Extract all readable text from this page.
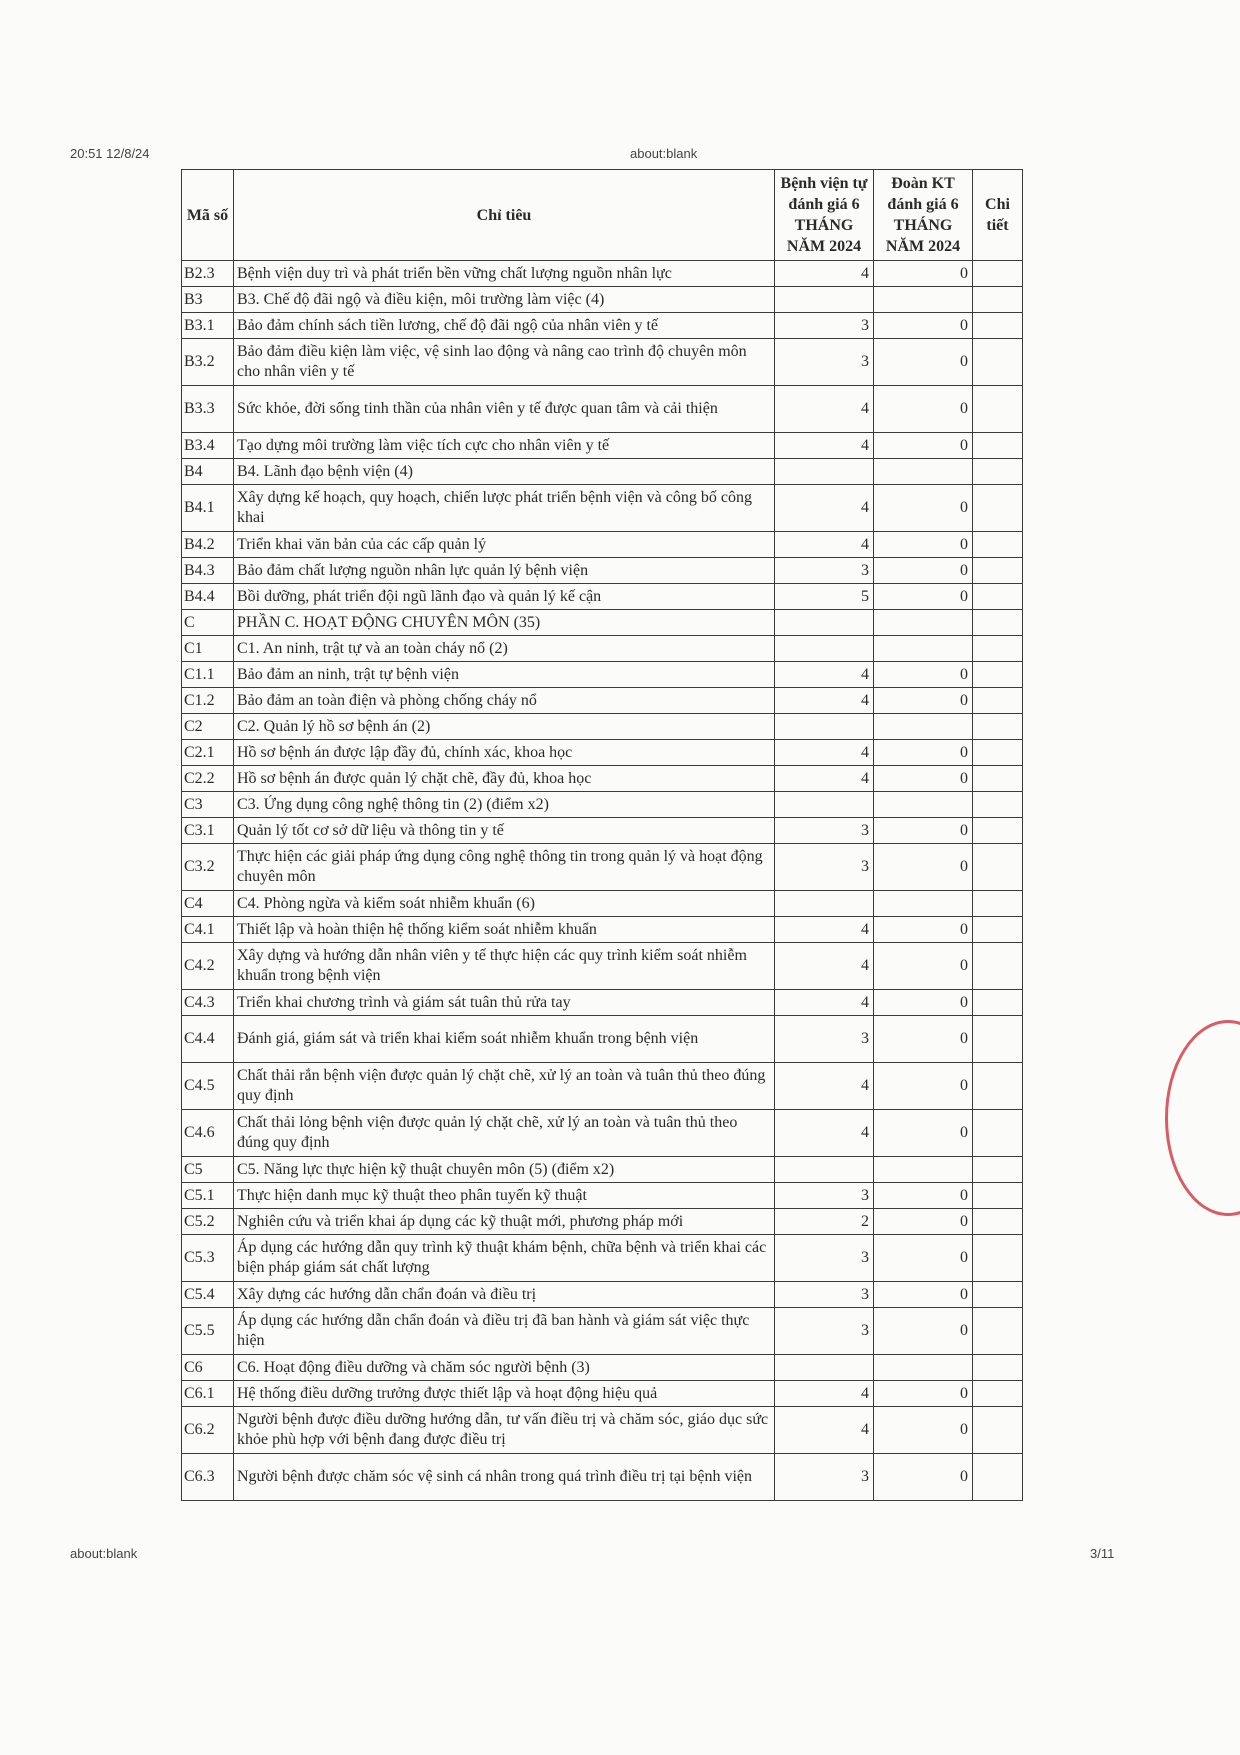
20:51 12/8/24	about:blank
Mã số	Chỉ tiêu	Bệnh viện tự đánh giá 6 THÁNG NĂM 2024	Đoàn KT đánh giá 6 THÁNG NĂM 2024	Chi tiết
B2.3	Bệnh viện duy trì và phát triển bền vững chất lượng nguồn nhân lực	4	0	
B3	B3. Chế độ đãi ngộ và điều kiện, môi trường làm việc (4)			
B3.1	Bảo đảm chính sách tiền lương, chế độ đãi ngộ của nhân viên y tế	3	0	
B3.2	Bảo đảm điều kiện làm việc, vệ sinh lao động và nâng cao trình độ chuyên môn cho nhân viên y tế	3	0	
B3.3	Sức khỏe, đời sống tinh thần của nhân viên y tế được quan tâm và cải thiện	4	0	
B3.4	Tạo dựng môi trường làm việc tích cực cho nhân viên y tế	4	0	
B4	B4. Lãnh đạo bệnh viện (4)			
B4.1	Xây dựng kế hoạch, quy hoạch, chiến lược phát triển bệnh viện và công bố công khai	4	0	
B4.2	Triển khai văn bản của các cấp quản lý	4	0	
B4.3	Bảo đảm chất lượng nguồn nhân lực quản lý bệnh viện	3	0	
B4.4	Bồi dưỡng, phát triển đội ngũ lãnh đạo và quản lý kế cận	5	0	
C	PHẦN C. HOẠT ĐỘNG CHUYÊN MÔN (35)			
C1	C1. An ninh, trật tự và an toàn cháy nổ (2)			
C1.1	Bảo đảm an ninh, trật tự bệnh viện	4	0	
C1.2	Bảo đảm an toàn điện và phòng chống cháy nổ	4	0	
C2	C2. Quản lý hồ sơ bệnh án (2)			
C2.1	Hồ sơ bệnh án được lập đầy đủ, chính xác, khoa học	4	0	
C2.2	Hồ sơ bệnh án được quản lý chặt chẽ, đầy đủ, khoa học	4	0	
C3	C3. Ứng dụng công nghệ thông tin (2) (điểm x2)			
C3.1	Quản lý tốt cơ sở dữ liệu và thông tin y tế	3	0	
C3.2	Thực hiện các giải pháp ứng dụng công nghệ thông tin trong quản lý và hoạt động chuyên môn	3	0	
C4	C4. Phòng ngừa và kiểm soát nhiễm khuẩn (6)			
C4.1	Thiết lập và hoàn thiện hệ thống kiểm soát nhiễm khuẩn	4	0	
C4.2	Xây dựng và hướng dẫn nhân viên y tế thực hiện các quy trình kiểm soát nhiễm khuẩn trong bệnh viện	4	0	
C4.3	Triển khai chương trình và giám sát tuân thủ rửa tay	4	0	
C4.4	Đánh giá, giám sát và triển khai kiểm soát nhiễm khuẩn trong bệnh viện	3	0	
C4.5	Chất thải rắn bệnh viện được quản lý chặt chẽ, xử lý an toàn và tuân thủ theo đúng quy định	4	0	
C4.6	Chất thải lỏng bệnh viện được quản lý chặt chẽ, xử lý an toàn và tuân thủ theo đúng quy định	4	0	
C5	C5. Năng lực thực hiện kỹ thuật chuyên môn (5) (điểm x2)			
C5.1	Thực hiện danh mục kỹ thuật theo phân tuyến kỹ thuật	3	0	
C5.2	Nghiên cứu và triển khai áp dụng các kỹ thuật mới, phương pháp mới	2	0	
C5.3	Áp dụng các hướng dẫn quy trình kỹ thuật khám bệnh, chữa bệnh và triển khai các biện pháp giám sát chất lượng	3	0	
C5.4	Xây dựng các hướng dẫn chẩn đoán và điều trị	3	0	
C5.5	Áp dụng các hướng dẫn chẩn đoán và điều trị đã ban hành và giám sát việc thực hiện	3	0	
C6	C6. Hoạt động điều dưỡng và chăm sóc người bệnh (3)			
C6.1	Hệ thống điều dưỡng trưởng được thiết lập và hoạt động hiệu quả	4	0	
C6.2	Người bệnh được điều dưỡng hướng dẫn, tư vấn điều trị và chăm sóc, giáo dục sức khỏe phù hợp với bệnh đang được điều trị	4	0	
C6.3	Người bệnh được chăm sóc vệ sinh cá nhân trong quá trình điều trị tại bệnh viện	3	0	
about:blank	3/11
